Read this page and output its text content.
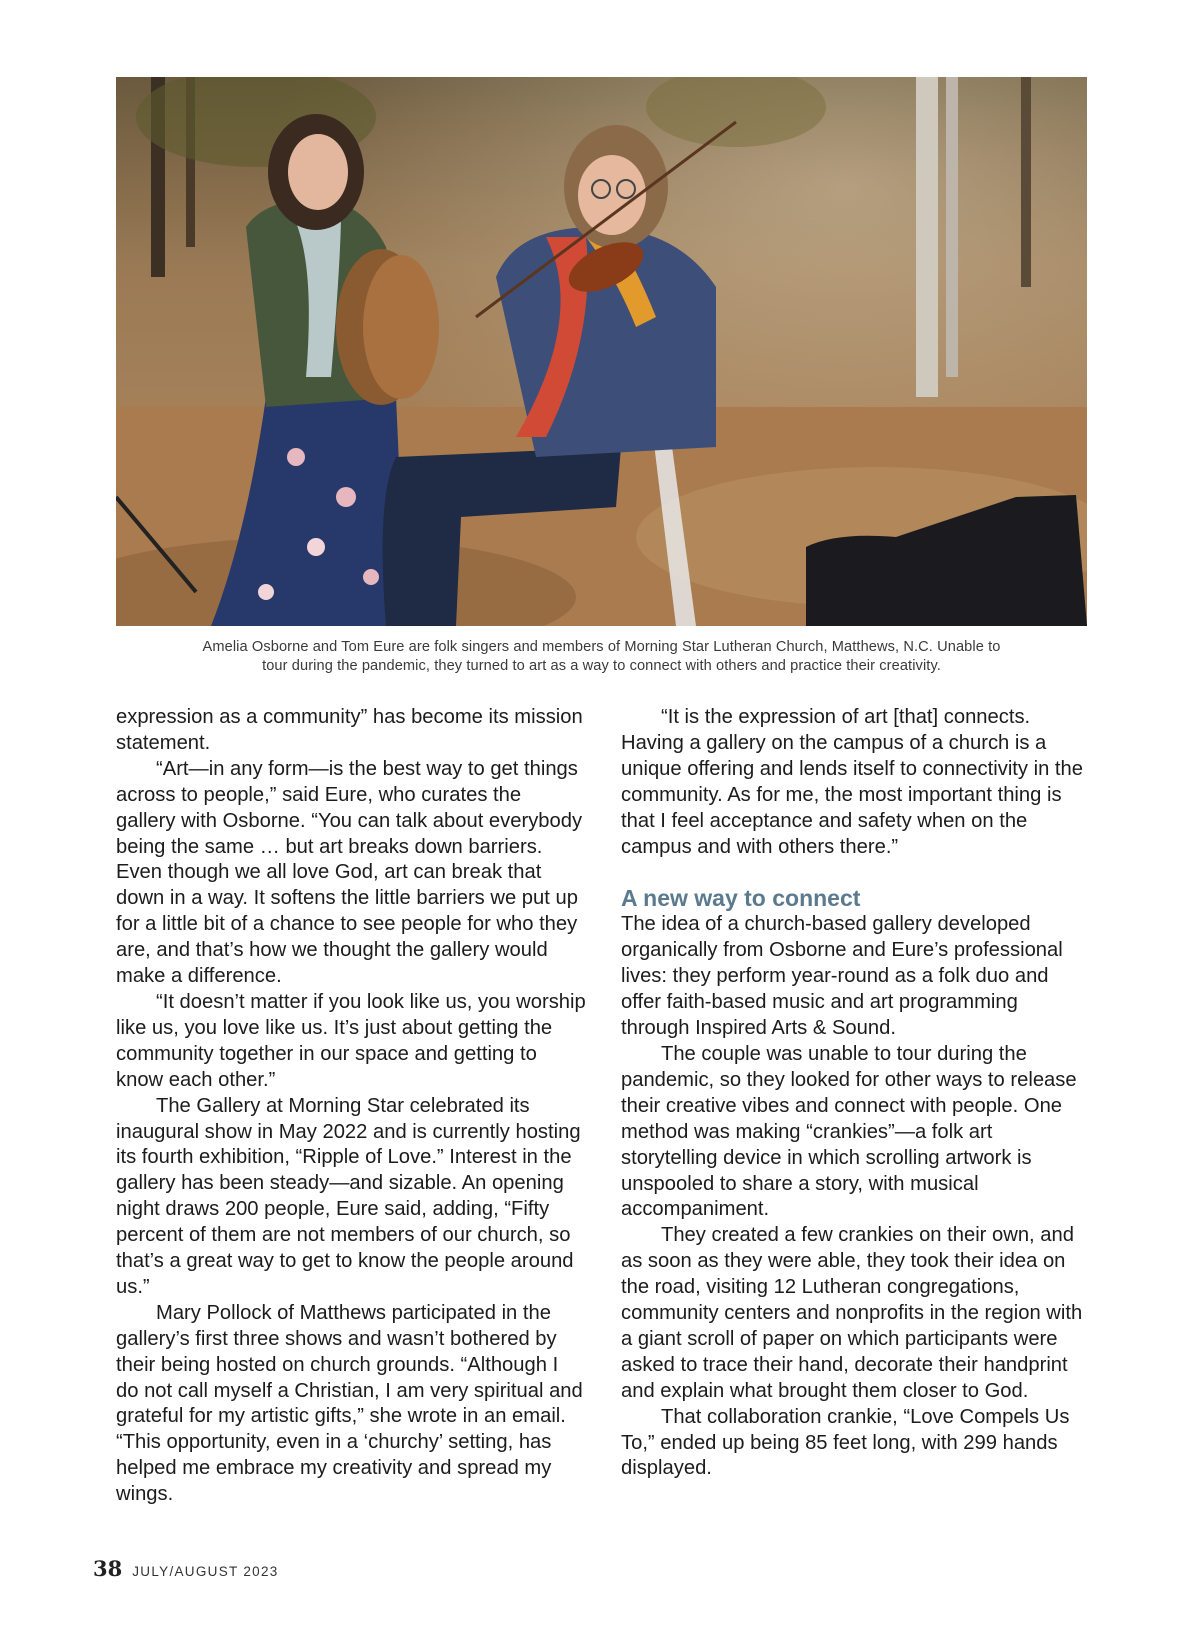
Amelia Osborne and Tom Eure are folk singers and members of Morning Star Lutheran Church, Matthews, N.C. Unable to
tour during the pandemic, they turned to art as a way to connect with others and practice their creativity.

expression as a community” has become its mission statement.

“Art—in any form—is the best way to get things across to people,” said Eure, who curates the gallery with Osborne. “You can talk about everybody being the same … but art breaks down barriers. Even though we all love God, art can break that down in a way. It softens the little barriers we put up for a little bit of a chance to see people for who they are, and that’s how we thought the gallery would make a difference.

“It doesn’t matter if you look like us, you worship like us, you love like us. It’s just about getting the community together in our space and getting to know each other.”

The Gallery at Morning Star celebrated its inaugural show in May 2022 and is currently hosting its fourth exhibition, “Ripple of Love.” Interest in the gallery has been steady—and sizable. An opening night draws 200 people, Eure said, adding, “Fifty percent of them are not members of our church, so that’s a great way to get to know the people around us.”

Mary Pollock of Matthews participated in the gallery’s first three shows and wasn’t bothered by their being hosted on church grounds. “Although I do not call myself a Christian, I am very spiritual and grateful for my artistic gifts,” she wrote in an email. “This opportunity, even in a ‘churchy’ setting, has helped me embrace my creativity and spread my wings.

“It is the expression of art [that] connects. Having a gallery on the campus of a church is a unique offering and lends itself to connectivity in the community. As for me, the most important thing is that I feel acceptance and safety when on the campus and with others there.”

A new way to connect

The idea of a church-based gallery developed organically from Osborne and Eure’s professional lives: they perform year-round as a folk duo and offer faith-based music and art programming through Inspired Arts & Sound.

The couple was unable to tour during the pandemic, so they looked for other ways to release their creative vibes and connect with people. One method was making “crankies”—a folk art storytelling device in which scrolling artwork is unspooled to share a story, with musical accompaniment.

They created a few crankies on their own, and as soon as they were able, they took their idea on the road, visiting 12 Lutheran congregations, community centers and nonprofits in the region with a giant scroll of paper on which participants were asked to trace their hand, decorate their handprint and explain what brought them closer to God.

That collaboration crankie, “Love Compels Us To,” ended up being 85 feet long, with 299 hands displayed.

38 JULY/AUGUST 2023
